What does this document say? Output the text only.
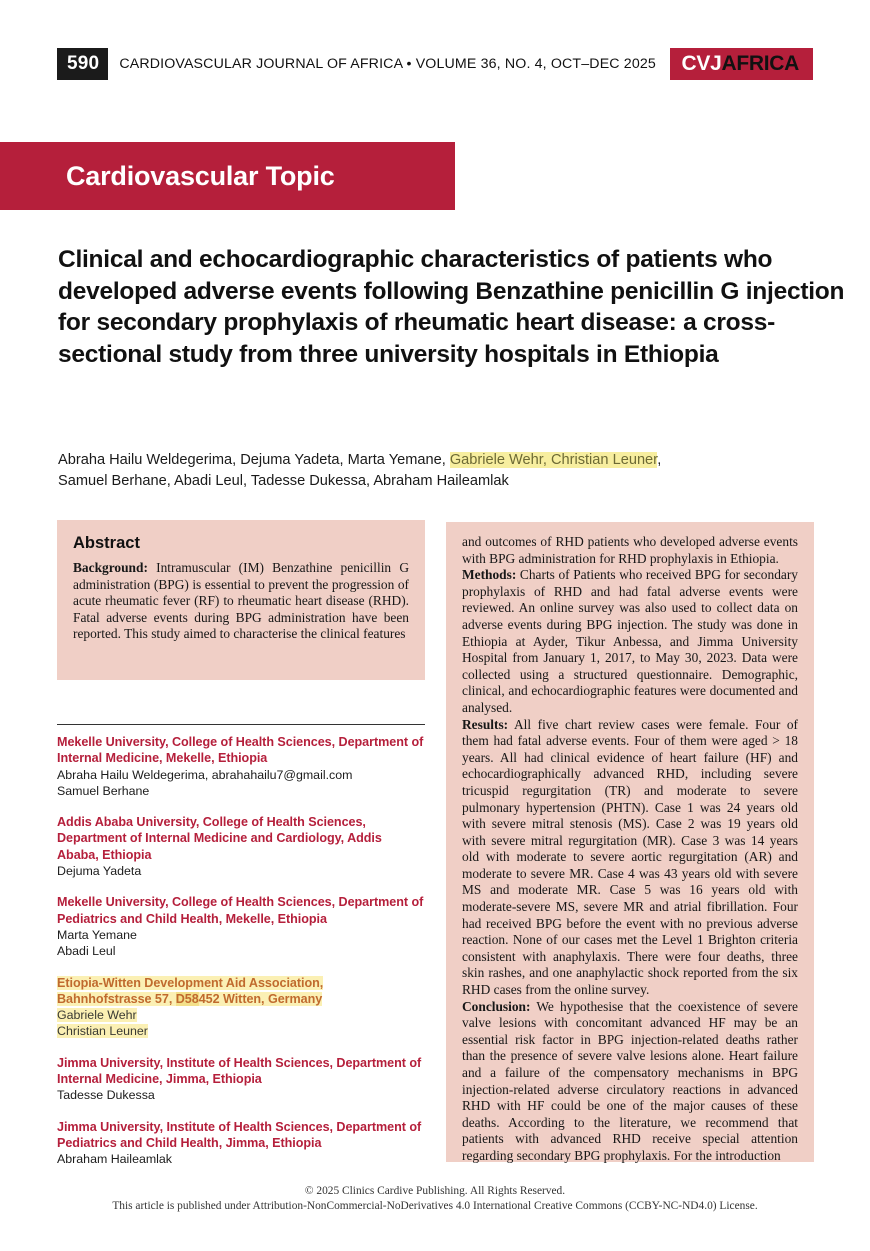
590	CARDIOVASCULAR JOURNAL OF AFRICA • VOLUME 36, NO. 4, OCT–DEC 2025	CVJ AFRICA
Cardiovascular Topic
Clinical and echocardiographic characteristics of patients who developed adverse events following Benzathine penicillin G injection for secondary prophylaxis of rheumatic heart disease: a cross-sectional study from three university hospitals in Ethiopia
Abraha Hailu Weldegerima, Dejuma Yadeta, Marta Yemane, Gabriele Wehr, Christian Leuner,
Samuel Berhane, Abadi Leul, Tadesse Dukessa, Abraham Haileamlak
Abstract
Background: Intramuscular (IM) Benzathine penicillin G administration (BPG) is essential to prevent the progression of acute rheumatic fever (RF) to rheumatic heart disease (RHD). Fatal adverse events during BPG administration have been reported. This study aimed to characterise the clinical features
Mekelle University, College of Health Sciences, Department of Internal Medicine, Mekelle, Ethiopia
Abraha Hailu Weldegerima, abrahahailu7@gmail.com
Samuel Berhane
Addis Ababa University, College of Health Sciences, Department of Internal Medicine and Cardiology, Addis Ababa, Ethiopia
Dejuma Yadeta
Mekelle University, College of Health Sciences, Department of Pediatrics and Child Health, Mekelle, Ethiopia
Marta Yemane
Abadi Leul
Etiopia-Witten Development Aid Association,
Bahnhofstrasse 57, D58452 Witten, Germany
Gabriele Wehr
Christian Leuner
Jimma University, Institute of Health Sciences, Department of Internal Medicine, Jimma, Ethiopia
Tadesse Dukessa
Jimma University, Institute of Health Sciences, Department of Pediatrics and Child Health, Jimma, Ethiopia
Abraham Haileamlak

and outcomes of RHD patients who developed adverse events with BPG administration for RHD prophylaxis in Ethiopia.

Methods: Charts of Patients who received BPG for secondary prophylaxis of RHD and had fatal adverse events were reviewed. An online survey was also used to collect data on adverse events during BPG injection. The study was done in Ethiopia at Ayder, Tikur Anbessa, and Jimma University Hospital from January 1, 2017, to May 30, 2023. Data were collected using a structured questionnaire. Demographic, clinical, and echocardiographic features were documented and analysed.

Results: All five chart review cases were female. Four of them had fatal adverse events. Four of them were aged > 18 years. All had clinical evidence of heart failure (HF) and echocardiographically advanced RHD, including severe tricuspid regurgitation (TR) and moderate to severe pulmonary hypertension (PHTN). Case 1 was 24 years old with severe mitral stenosis (MS). Case 2 was 19 years old with severe mitral regurgitation (MR). Case 3 was 14 years old with moderate to severe aortic regurgitation (AR) and moderate to severe MR. Case 4 was 43 years old with severe MS and moderate MR. Case 5 was 16 years old with moderate-severe MS, severe MR and atrial fibrillation. Four had received BPG before the event with no previous adverse reaction. None of our cases met the Level 1 Brighton criteria consistent with anaphylaxis. There were four deaths, three skin rashes, and one anaphylactic shock reported from the six RHD cases from the online survey.

Conclusion: We hypothesise that the coexistence of severe valve lesions with concomitant advanced HF may be an essential risk factor in BPG injection-related deaths rather than the presence of severe valve lesions alone. Heart failure and a failure of the compensatory mechanisms in BPG injection-related adverse circulatory reactions in advanced RHD with HF could be one of the major causes of these deaths. According to the literature, we recommend that patients with advanced RHD receive special attention regarding secondary BPG prophylaxis. For the introduction

© 2025 Clinics Cardive Publishing. All Rights Reserved.
This article is published under Attribution-NonCommercial-NoDerivatives 4.0 International Creative Commons (CCBY-NC-ND4.0) License.
